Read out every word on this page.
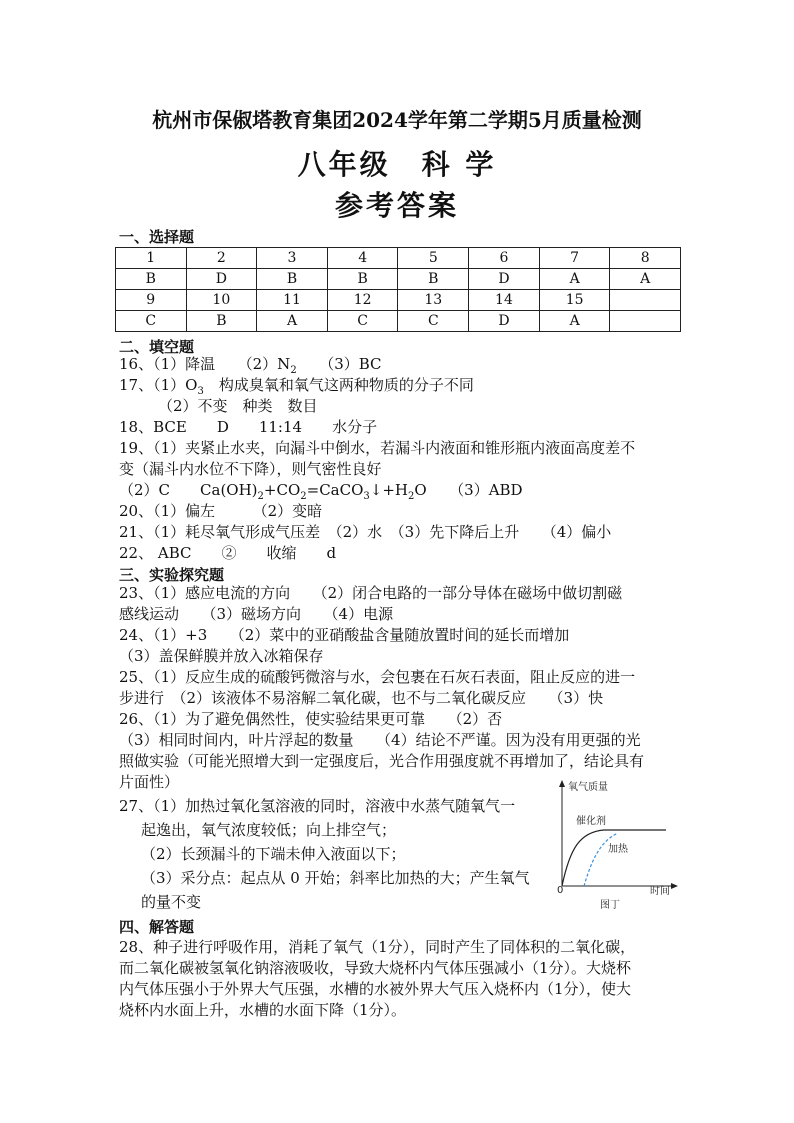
杭州市保俶塔教育集团2024学年第二学期5月质量检测
八年级　科 学
参考答案
一、选择题
1	2	3	4	5	6	7	8
B	D	B	B	B	D	A	A
9	10	11	12	13	14	15	
C	B	A	C	C	D	A	
二、填空题
16、（1）降温　　$(2)N_2$　　（3）BC
17、$(1)O_3$　构成臭氧和氧气这两种物质的分子不同
（2）不变　种类　数目
18、BCE　　D　　11:14　　水分子
19、（1）夹紧止水夹，向漏斗中倒水，若漏斗内液面和锥形瓶内液面高度差不
变（漏斗内水位不下降），则气密性良好
（2）C　　$Ca(OH)_2+CO_2=CaCO_3↓+H_2O$　　（3）ABD
20、（1）偏左　　　（2）变暗
21、（1）耗尽氧气形成气压差　（2）水　（3）先下降后上升　　（4）偏小
22、 ABC　　②　　收缩　　d
三、实验探究题
23、（1）感应电流的方向　　（2）闭合电路的一部分导体在磁场中做切割磁
感线运动　　（3）磁场方向　　（4）电源
24、（1）+3　　（2）菜中的亚硝酸盐含量随放置时间的延长而增加
（3）盖保鲜膜并放入冰箱保存
25、（1）反应生成的硫酸钙微溶与水，会包裹在石灰石表面，阻止反应的进一
步进行　（2）该液体不易溶解二氧化碳，也不与二氧化碳反应　　（3）快
26、（1）为了避免偶然性，使实验结果更可靠　　（2）否
（3）相同时间内，叶片浮起的数量　　（4）结论不严谨。因为没有用更强的光
照做实验（可能光照增大到一定强度后，光合作用强度就不再增加了，结论具有
片面性）
27、（1）加热过氧化氢溶液的同时，溶液中水蒸气随氧气一
起逸出，氧气浓度较低；向上排空气；
（2）长颈漏斗的下端未伸入液面以下；
（3）采分点：起点从 0 开始；斜率比加热的大；产生氧气
的量不变
氧气质量
0	时间
催化剂
加热
图丁
四、解答题
28、种子进行呼吸作用，消耗了氧气（1分），同时产生了同体积的二氧化碳，
而二氧化碳被氢氧化钠溶液吸收，导致大烧杯内气体压强减小（1分）。大烧杯
内气体压强小于外界大气压强，水槽的水被外界大气压入烧杯内（1分），使大
烧杯内水面上升，水槽的水面下降（1分）。
